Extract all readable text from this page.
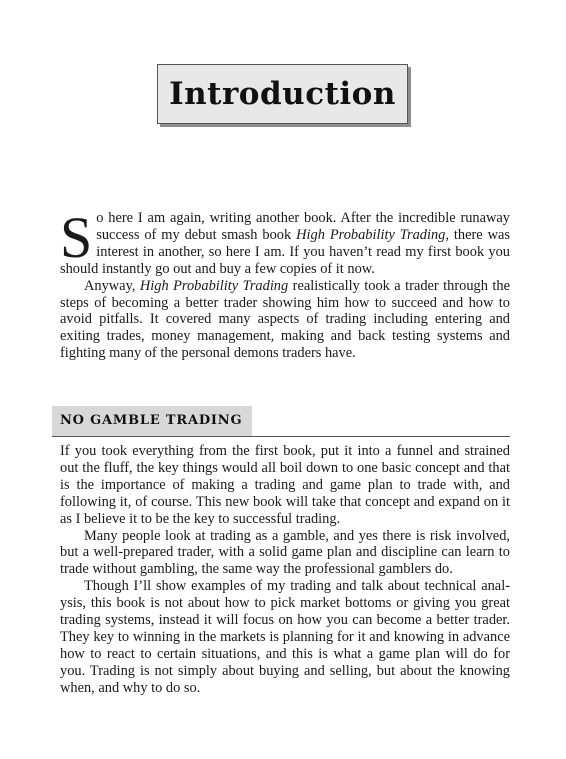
Introduction

So here I am again, writing another book. After the incredible runaway success of my debut smash book High Probability Trading, there was interest in another, so here I am. If you haven’t read my first book you should instantly go out and buy a few copies of it now.

Anyway, High Probability Trading realistically took a trader through the steps of becoming a better trader showing him how to succeed and how to avoid pitfalls. It covered many aspects of trading including entering and exiting trades, money management, making and back testing systems and fighting many of the personal demons traders have.

NO GAMBLE TRADING

If you took everything from the first book, put it into a funnel and strained out the fluff, the key things would all boil down to one basic concept and that is the importance of making a trading and game plan to trade with, and following it, of course. This new book will take that concept and expand on it as I believe it to be the key to successful trading.

Many people look at trading as a gamble, and yes there is risk involved, but a well-prepared trader, with a solid game plan and discipline can learn to trade without gambling, the same way the professional gamblers do.

Though I’ll show examples of my trading and talk about technical analysis, this book is not about how to pick market bottoms or giving you great trading systems, instead it will focus on how you can become a better trader. They key to winning in the markets is planning for it and knowing in advance how to react to certain situations, and this is what a game plan will do for you. Trading is not simply about buying and selling, but about the knowing when, and why to do so.
